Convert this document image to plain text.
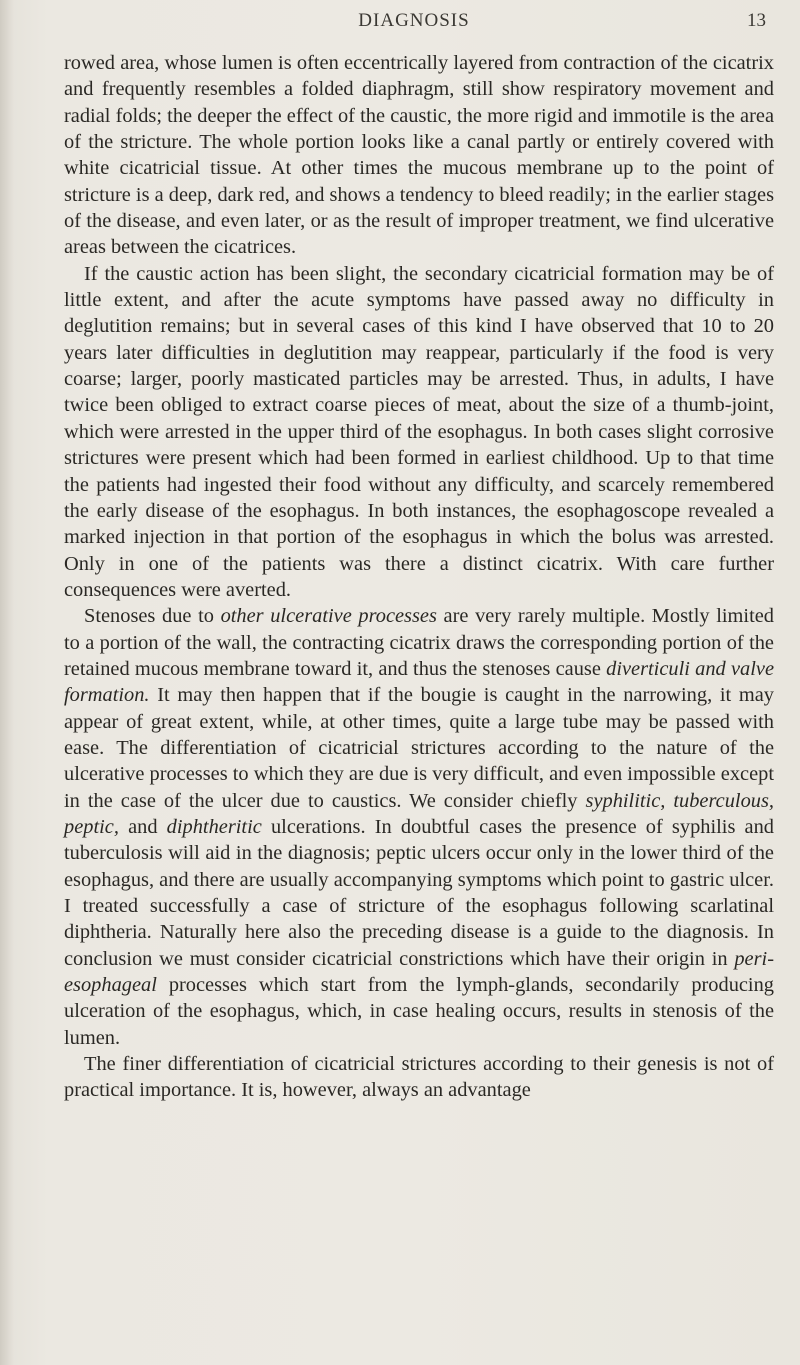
DIAGNOSIS	13

rowed area, whose lumen is often eccentrically layered from contraction of the cicatrix and frequently resembles a folded diaphragm, still show respiratory movement and radial folds; the deeper the effect of the caustic, the more rigid and immotile is the area of the stricture. The whole portion looks like a canal partly or entirely covered with white cicatricial tissue. At other times the mucous membrane up to the point of stricture is a deep, dark red, and shows a tendency to bleed readily; in the earlier stages of the disease, and even later, or as the result of improper treatment, we find ulcerative areas between the cicatrices.

If the caustic action has been slight, the secondary cicatricial formation may be of little extent, and after the acute symptoms have passed away no difficulty in deglutition remains; but in several cases of this kind I have observed that 10 to 20 years later difficulties in deglutition may reappear, particularly if the food is very coarse; larger, poorly masticated particles may be arrested. Thus, in adults, I have twice been obliged to extract coarse pieces of meat, about the size of a thumb-joint, which were arrested in the upper third of the esophagus. In both cases slight corrosive strictures were present which had been formed in earliest childhood. Up to that time the patients had ingested their food without any difficulty, and scarcely remembered the early disease of the esophagus. In both instances, the esophagoscope revealed a marked injection in that portion of the esophagus in which the bolus was arrested. Only in one of the patients was there a distinct cicatrix. With care further consequences were averted.

Stenoses due to other ulcerative processes are very rarely multiple. Mostly limited to a portion of the wall, the contracting cicatrix draws the corresponding portion of the retained mucous membrane toward it, and thus the stenoses cause diverticuli and valve formation. It may then happen that if the bougie is caught in the narrowing, it may appear of great extent, while, at other times, quite a large tube may be passed with ease. The differentiation of cicatricial strictures according to the nature of the ulcerative processes to which they are due is very difficult, and even impossible except in the case of the ulcer due to caustics. We consider chiefly syphilitic, tuberculous, peptic, and diphtheritic ulcerations. In doubtful cases the presence of syphilis and tuberculosis will aid in the diagnosis; peptic ulcers occur only in the lower third of the esophagus, and there are usually accompanying symptoms which point to gastric ulcer. I treated successfully a case of stricture of the esophagus following scarlatinal diphtheria. Naturally here also the preceding disease is a guide to the diagnosis. In conclusion we must consider cicatricial constrictions which have their origin in peri-esophageal processes which start from the lymph-glands, secondarily producing ulceration of the esophagus, which, in case healing occurs, results in stenosis of the lumen.

The finer differentiation of cicatricial strictures according to their genesis is not of practical importance. It is, however, always an advantage
